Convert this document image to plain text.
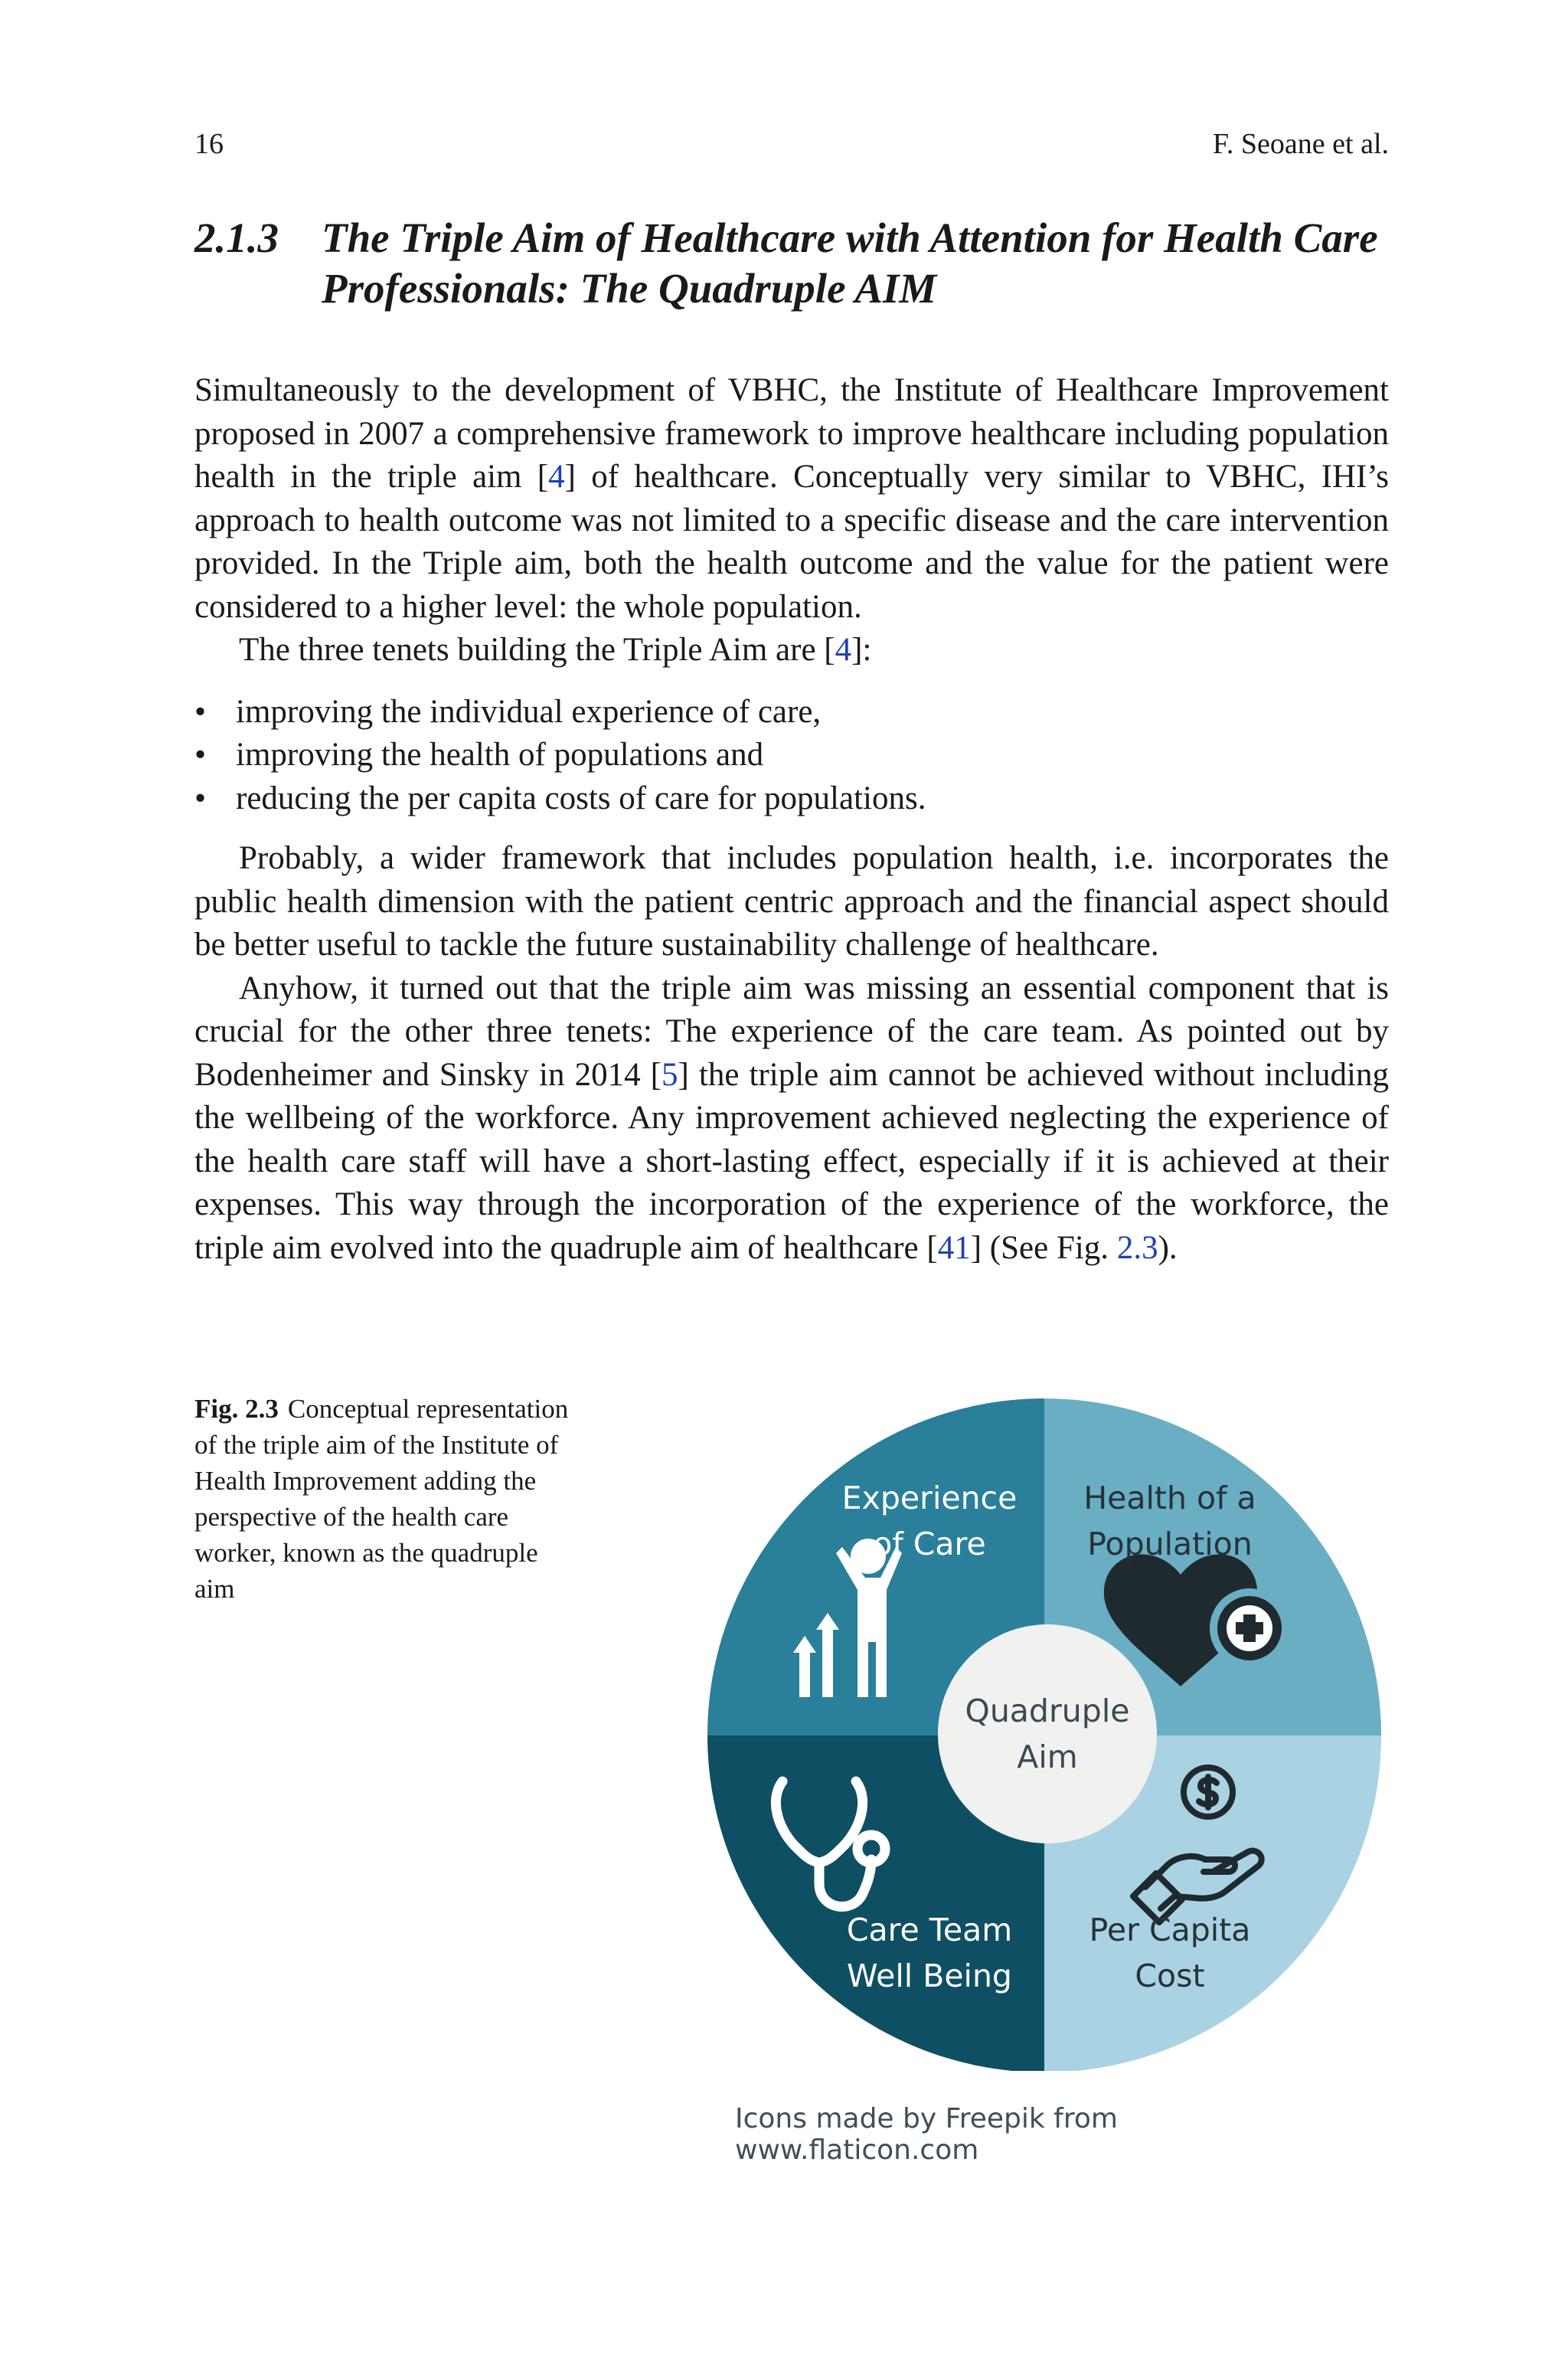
16	F. Seoane et al.
2.1.3 The Triple Aim of Healthcare with Attention for Health Care Professionals: The Quadruple AIM

Simultaneously to the development of VBHC, the Institute of Healthcare Improvement proposed in 2007 a comprehensive framework to improve healthcare including population health in the triple aim [4] of healthcare. Conceptually very similar to VBHC, IHI’s approach to health outcome was not limited to a specific disease and the care intervention provided. In the Triple aim, both the health outcome and the value for the patient were considered to a higher level: the whole population.

The three tenets building the Triple Aim are [4]:

• improving the individual experience of care,
• improving the health of populations and
• reducing the per capita costs of care for populations.

Probably, a wider framework that includes population health, i.e. incorporates the public health dimension with the patient centric approach and the financial aspect should be better useful to tackle the future sustainability challenge of healthcare.

Anyhow, it turned out that the triple aim was missing an essential component that is crucial for the other three tenets: The experience of the care team. As pointed out by Bodenheimer and Sinsky in 2014 [5] the triple aim cannot be achieved without including the wellbeing of the workforce. Any improvement achieved neglecting the experience of the health care staff will have a short-lasting effect, especially if it is achieved at their expenses. This way through the incorporation of the experience of the workforce, the triple aim evolved into the quadruple aim of healthcare [41] (See Fig. 2.3).

Fig. 2.3 Conceptual representation of the triple aim of the Institute of Health Improvement adding the perspective of the health care worker, known as the quadruple aim
Experience
of Care
Health of a
Population
Care Team
Well Being
Per Capita
Cost
Quadruple
Aim
Icons made by Freepik from www.flaticon.com
